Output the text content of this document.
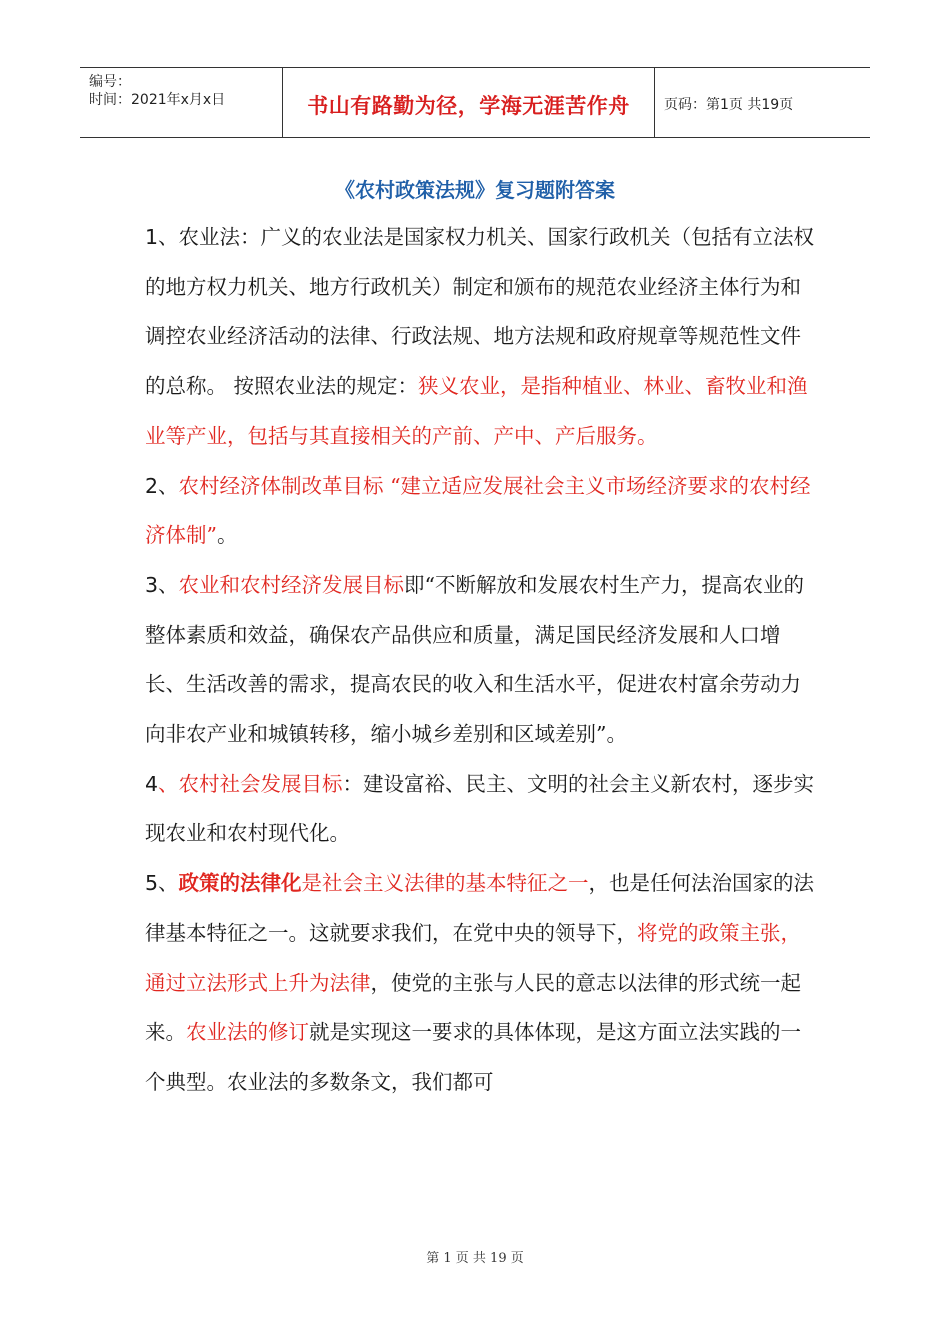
编号：
时间：2021年x月x日	书山有路勤为径，学海无涯苦作舟	页码：第1页 共19页
《农村政策法规》复习题附答案

1、农业法：广义的农业法是国家权力机关、国家行政机关（包括有立法权的地方权力机关、地方行政机关）制定和颁布的规范农业经济主体行为和调控农业经济活动的法律、行政法规、地方法规和政府规章等规范性文件的总称。 按照农业法的规定：狭义农业，是指种植业、林业、畜牧业和渔业等产业，包括与其直接相关的产前、产中、产后服务。

2、农村经济体制改革目标 “建立适应发展社会主义市场经济要求的农村经济体制”。

3、农业和农村经济发展目标即“不断解放和发展农村生产力，提高农业的整体素质和效益，确保农产品供应和质量，满足国民经济发展和人口增长、生活改善的需求，提高农民的收入和生活水平，促进农村富余劳动力向非农产业和城镇转移，缩小城乡差别和区域差别”。

4、农村社会发展目标：建设富裕、民主、文明的社会主义新农村，逐步实现农业和农村现代化。

5、政策的法律化是社会主义法律的基本特征之一，也是任何法治国家的法律基本特征之一。这就要求我们，在党中央的领导下，将党的政策主张，通过立法形式上升为法律，使党的主张与人民的意志以法律的形式统一起来。农业法的修订就是实现这一要求的具体体现，是这方面立法实践的一个典型。农业法的多数条文，我们都可

第 1 页 共 19 页
